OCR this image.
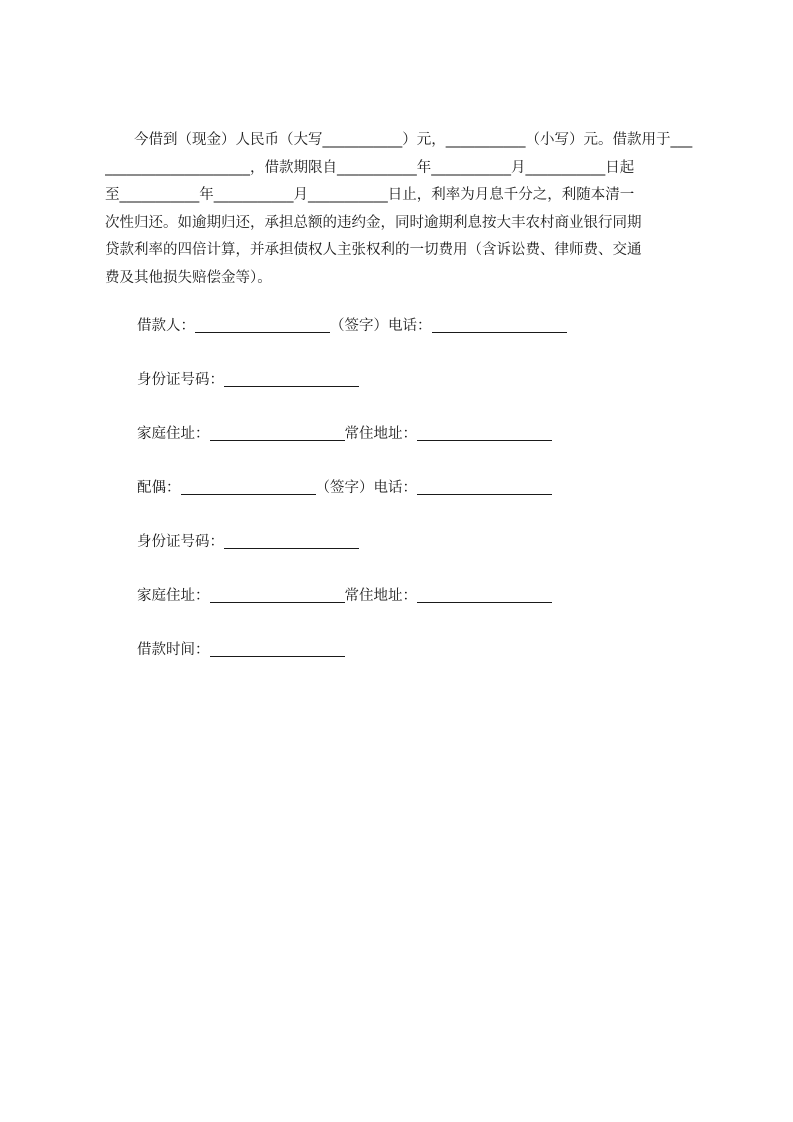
　　今借到（现金）人民币（大写___________）元，___________（小写）元。借款用于___
____________________，借款期限自___________年___________月___________日起
至___________年___________月___________日止，利率为月息千分之，利随本清一
次性归还。如逾期归还，承担总额的违约金，同时逾期利息按大丰农村商业银行同期
贷款利率的四倍计算，并承担债权人主张权利的一切费用（含诉讼费、律师费、交通
费及其他损失赔偿金等）。
借款人：	（签字）电话：
身份证号码：
家庭住址：	常住地址：
配偶：	（签字）电话：
身份证号码：
家庭住址：	常住地址：
借款时间：
